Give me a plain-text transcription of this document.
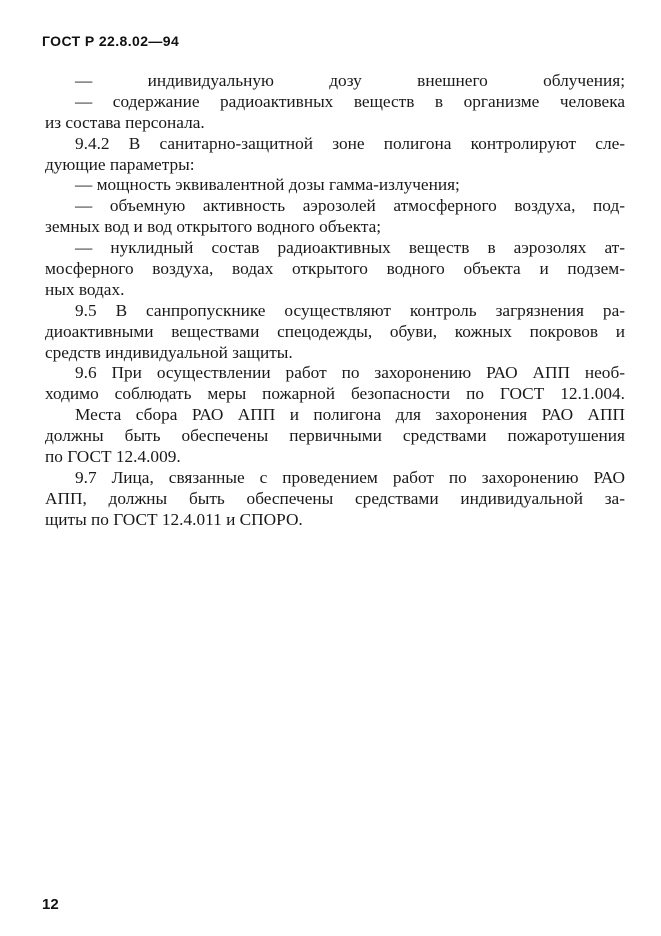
ГОСТ Р 22.8.02—94
— индивидуальную дозу внешнего облучения;
— содержание радиоактивных веществ в организме человека
из состава персонала.
9.4.2 В санитарно-защитной зоне полигона контролируют сле-
дующие параметры:
— мощность эквивалентной дозы гамма-излучения;
— объемную активность аэрозолей атмосферного воздуха, под-
земных вод и вод открытого водного объекта;
— нуклидный состав радиоактивных веществ в аэрозолях ат-
мосферного воздуха, водах открытого водного объекта и подзем-
ных водах.
9.5 В санпропускнике осуществляют контроль загрязнения ра-
диоактивными веществами спецодежды, обуви, кожных покровов и
средств индивидуальной защиты.
9.6 При осуществлении работ по захоронению РАО АПП необ-
ходимо соблюдать меры пожарной безопасности по ГОСТ 12.1.004.
Места сбора РАО АПП и полигона для захоронения РАО АПП
должны быть обеспечены первичными средствами пожаротушения
по ГОСТ 12.4.009.
9.7 Лица, связанные с проведением работ по захоронению РАО
АПП, должны быть обеспечены средствами индивидуальной за-
щиты по ГОСТ 12.4.011 и СПОРО.
12
